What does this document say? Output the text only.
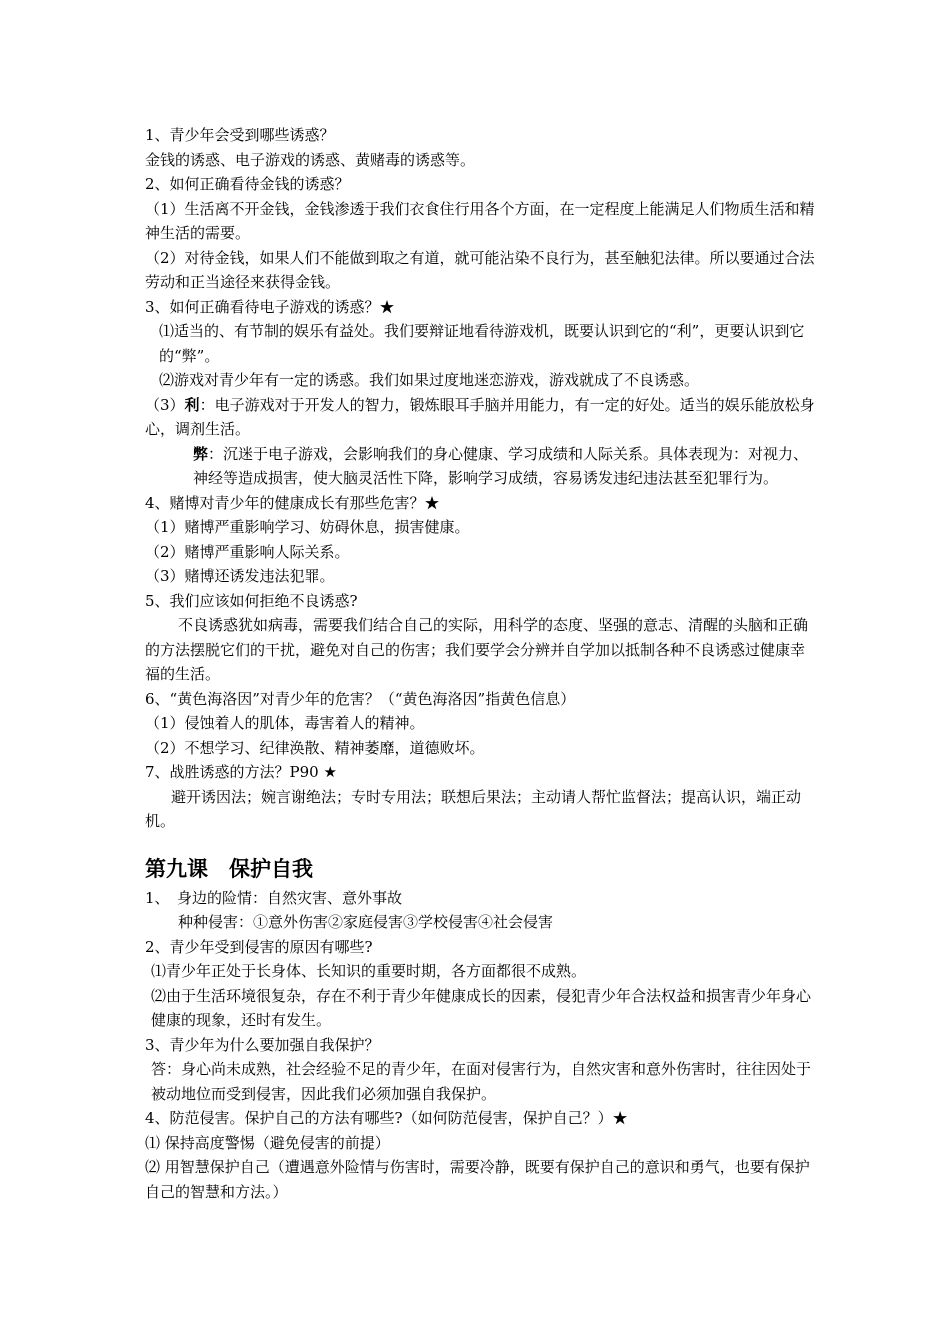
1、青少年会受到哪些诱惑？

金钱的诱惑、电子游戏的诱惑、黄赌毒的诱惑等。

2、如何正确看待金钱的诱惑？

（1）生活离不开金钱，金钱渗透于我们衣食住行用各个方面，在一定程度上能满足人们物质生活和精神生活的需要。

（2）对待金钱，如果人们不能做到取之有道，就可能沾染不良行为，甚至触犯法律。所以要通过合法劳动和正当途径来获得金钱。

3、如何正确看待电子游戏的诱惑？★

⑴适当的、有节制的娱乐有益处。我们要辩证地看待游戏机，既要认识到它的“利”，更要认识到它的“弊”。

⑵游戏对青少年有一定的诱惑。我们如果过度地迷恋游戏，游戏就成了不良诱惑。

（3）利：电子游戏对于开发人的智力，锻炼眼耳手脑并用能力，有一定的好处。适当的娱乐能放松身心，调剂生活。

弊：沉迷于电子游戏，会影响我们的身心健康、学习成绩和人际关系。具体表现为：对视力、神经等造成损害，使大脑灵活性下降，影响学习成绩，容易诱发违纪违法甚至犯罪行为。

4、赌博对青少年的健康成长有那些危害？★

（1）赌博严重影响学习、妨碍休息，损害健康。

（2）赌博严重影响人际关系。

（3）赌博还诱发违法犯罪。

5、我们应该如何拒绝不良诱惑?

不良诱惑犹如病毒，需要我们结合自己的实际，用科学的态度、坚强的意志、清醒的头脑和正确的方法摆脱它们的干扰，避免对自己的伤害；我们要学会分辨并自学加以抵制各种不良诱惑过健康幸福的生活。

6、“黄色海洛因”对青少年的危害？（“黄色海洛因”指黄色信息）

（1）侵蚀着人的肌体，毒害着人的精神。

（2）不想学习、纪律涣散、精神萎靡，道德败坏。

7、战胜诱惑的方法？P90 ★

避开诱因法；婉言谢绝法；专时专用法；联想后果法；主动请人帮忙监督法；提高认识，端正动机。

第九课　保护自我

1、　身边的险情：自然灾害、意外事故

种种侵害：①意外伤害②家庭侵害③学校侵害④社会侵害

2、青少年受到侵害的原因有哪些?

⑴青少年正处于长身体、长知识的重要时期，各方面都很不成熟。

⑵由于生活环境很复杂，存在不利于青少年健康成长的因素，侵犯青少年合法权益和损害青少年身心健康的现象，还时有发生。

3、青少年为什么要加强自我保护？

答：身心尚未成熟，社会经验不足的青少年，在面对侵害行为，自然灾害和意外伤害时，往往因处于被动地位而受到侵害，因此我们必须加强自我保护。

4、防范侵害。保护自己的方法有哪些?（如何防范侵害，保护自己？）★

⑴ 保持高度警惕（避免侵害的前提）

⑵ 用智慧保护自己（遭遇意外险情与伤害时，需要冷静，既要有保护自己的意识和勇气，也要有保护自己的智慧和方法。）
